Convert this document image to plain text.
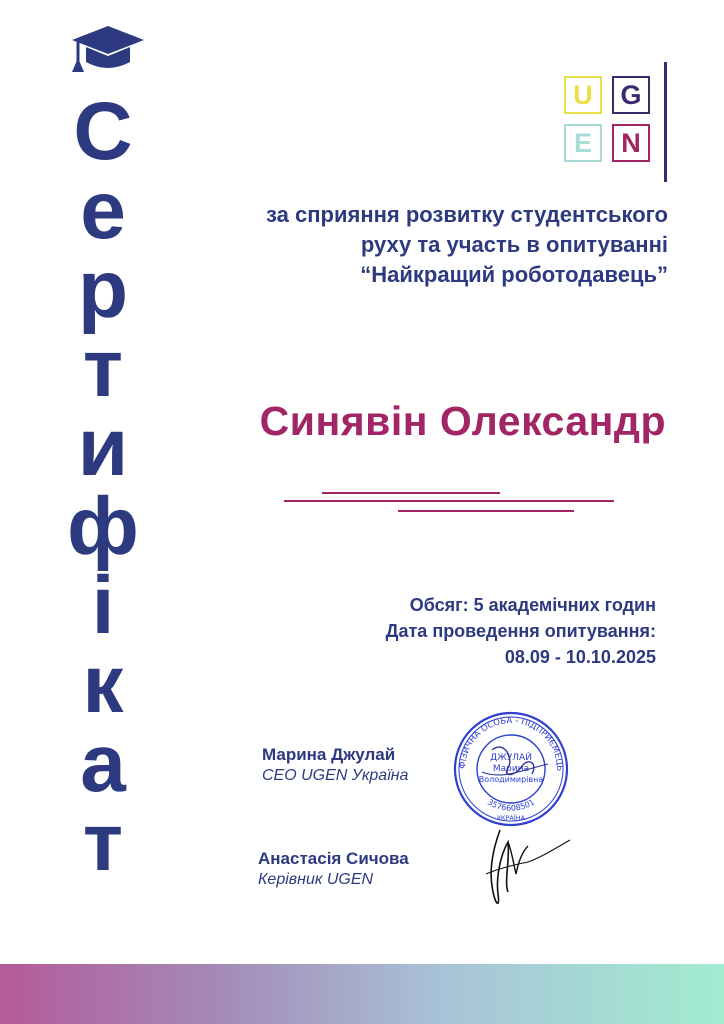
С
е
р
т
и
ф
і
к
а
т
U	G
E	N
за сприяння розвитку студентського
руху та участь в опитуванні
“Найкращий роботодавець”
Синявін Олександр
Обсяг: 5 академічних годин
Дата проведення опитування:
08.09 - 10.10.2025
Марина Джулай
CEO UGEN Україна
Анастасія Сичова
Керівник UGEN
ФІЗИЧНА ОСОБА - ПІДПРИЄМЕЦЬ
3576608501
ДЖУЛАЙ
Марина
Володимирівна
УКРАЇНА
